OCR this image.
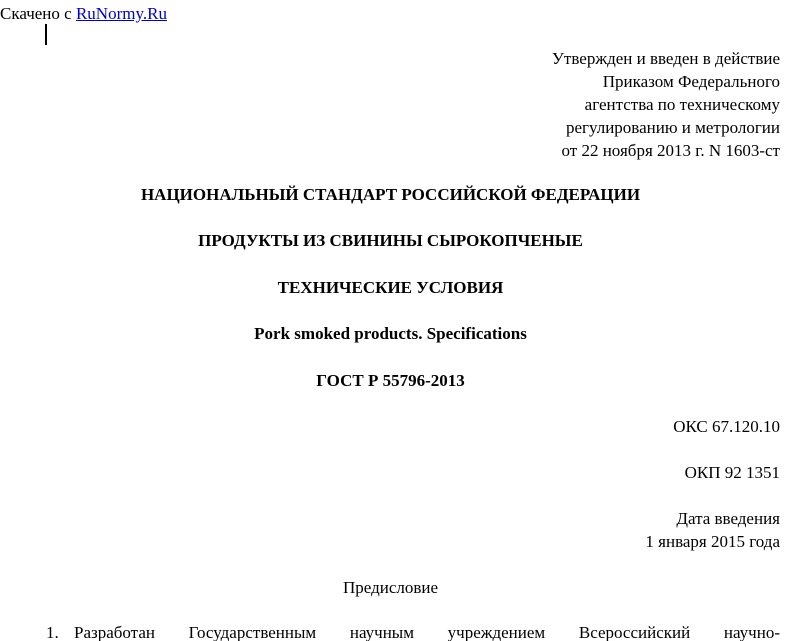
Скачено с RuNormy.Ru
Утвержден и введен в действие
Приказом Федерального
агентства по техническому
регулированию и метрологии
от 22 ноября 2013 г. N 1603-ст
НАЦИОНАЛЬНЫЙ СТАНДАРТ РОССИЙСКОЙ ФЕДЕРАЦИИ
ПРОДУКТЫ ИЗ СВИНИНЫ СЫРОКОПЧЕНЫЕ
ТЕХНИЧЕСКИЕ УСЛОВИЯ
Pork smoked products. Specifications
ГОСТ Р 55796-2013
ОКС 67.120.10
ОКП 92 1351
Дата введения
1 января 2015 года
Предисловие
1. Разработан Государственным научным учреждением Всероссийский научно-
